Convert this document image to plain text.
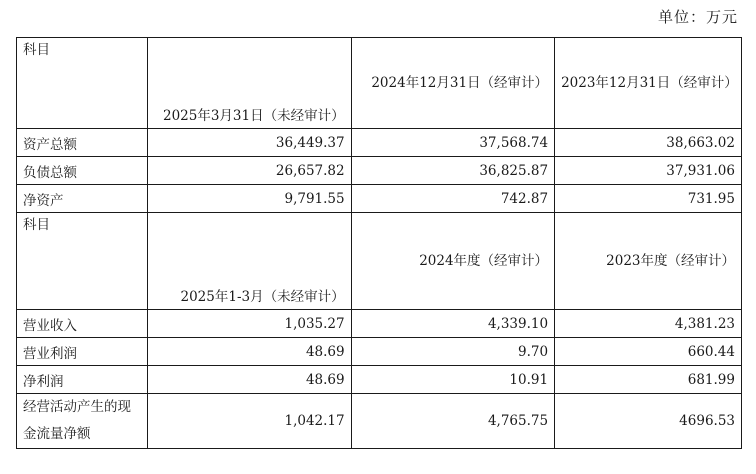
单位：万元
科目	2025年3月31日（未经审计）	2024年12月31日（经审计）	2023年12月31日（经审计）
资产总额	36,449.37	37,568.74	38,663.02
负债总额	26,657.82	36,825.87	37,931.06
净资产	9,791.55	742.87	731.95
科目	2025年1-3月（未经审计）	2024年度（经审计）	2023年度（经审计）
营业收入	1,035.27	4,339.10	4,381.23
营业利润	48.69	9.70	660.44
净利润	48.69	10.91	681.99

经营活动产生的现金流量净额	1,042.17	4,765.75	4696.53
